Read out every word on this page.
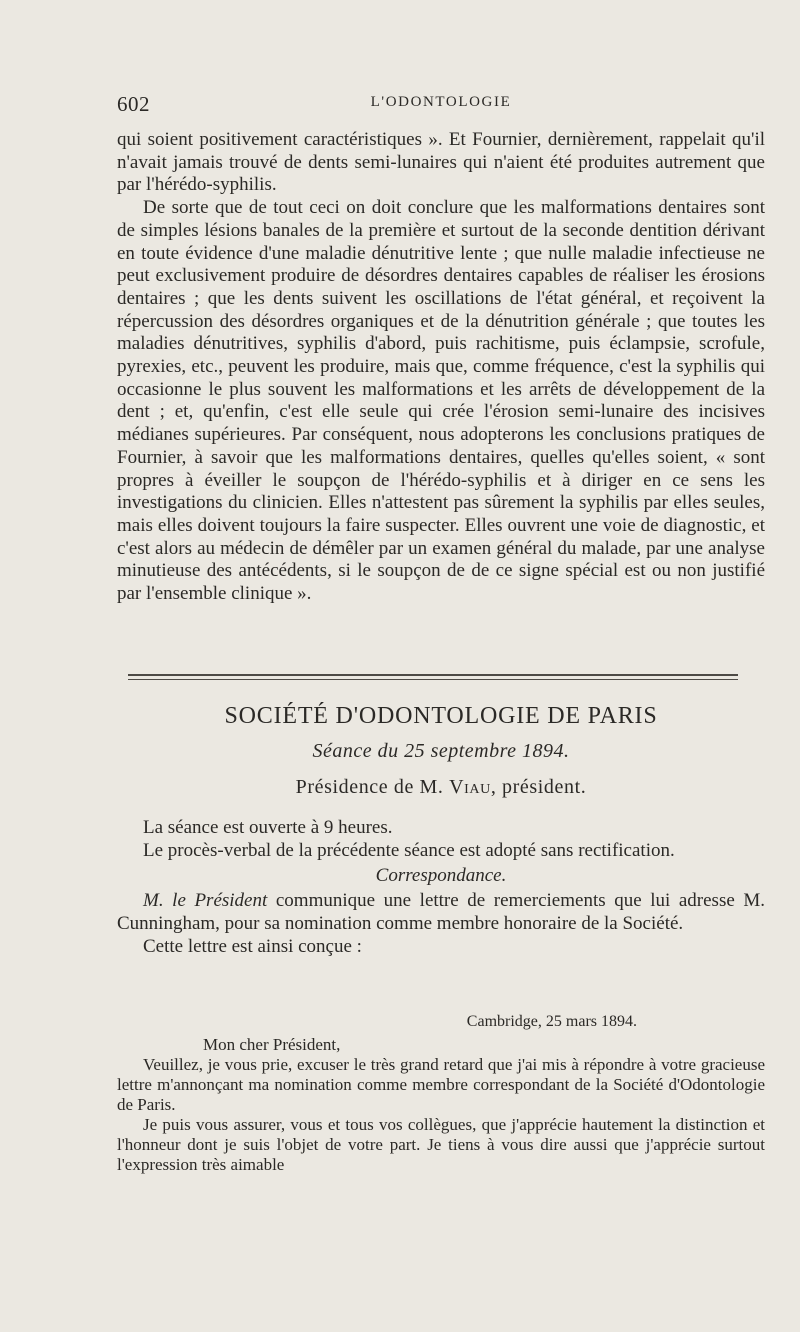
602	L'ODONTOLOGIE

qui soient positivement caractéristiques ». Et Fournier, dernièrement, rappelait qu'il n'avait jamais trouvé de dents semi-lunaires qui n'aient été produites autrement que par l'hérédo-syphilis.

De sorte que de tout ceci on doit conclure que les malformations dentaires sont de simples lésions banales de la première et surtout de la seconde dentition dérivant en toute évidence d'une maladie dénutritive lente ; que nulle maladie infectieuse ne peut exclusivement produire de désordres dentaires capables de réaliser les érosions dentaires ; que les dents suivent les oscillations de l'état général, et reçoivent la répercussion des désordres organiques et de la dénutrition générale ; que toutes les maladies dénutritives, syphilis d'abord, puis rachitisme, puis éclampsie, scrofule, pyrexies, etc., peuvent les produire, mais que, comme fréquence, c'est la syphilis qui occasionne le plus souvent les malformations et les arrêts de développement de la dent ; et, qu'enfin, c'est elle seule qui crée l'érosion semi-lunaire des incisives médianes supérieures. Par conséquent, nous adopterons les conclusions pratiques de Fournier, à savoir que les malformations dentaires, quelles qu'elles soient, « sont propres à éveiller le soupçon de l'hérédo-syphilis et à diriger en ce sens les investigations du clinicien. Elles n'attestent pas sûrement la syphilis par elles seules, mais elles doivent toujours la faire suspecter. Elles ouvrent une voie de diagnostic, et c'est alors au médecin de démêler par un examen général du malade, par une analyse minutieuse des antécédents, si le soupçon de de ce signe spécial est ou non justifié par l'ensemble clinique ».

SOCIÉTÉ D'ODONTOLOGIE DE PARIS
Séance du 25 septembre 1894.
Présidence de M. Viau, président.

La séance est ouverte à 9 heures.

Le procès-verbal de la précédente séance est adopté sans rectification.

Correspondance.

M. le Président communique une lettre de remerciements que lui adresse M. Cunningham, pour sa nomination comme membre honoraire de la Société.

Cette lettre est ainsi conçue :

Cambridge, 25 mars 1894.

Mon cher Président,

Veuillez, je vous prie, excuser le très grand retard que j'ai mis à répondre à votre gracieuse lettre m'annonçant ma nomination comme membre correspondant de la Société d'Odontologie de Paris.

Je puis vous assurer, vous et tous vos collègues, que j'apprécie hautement la distinction et l'honneur dont je suis l'objet de votre part. Je tiens à vous dire aussi que j'apprécie surtout l'expression très aimable
